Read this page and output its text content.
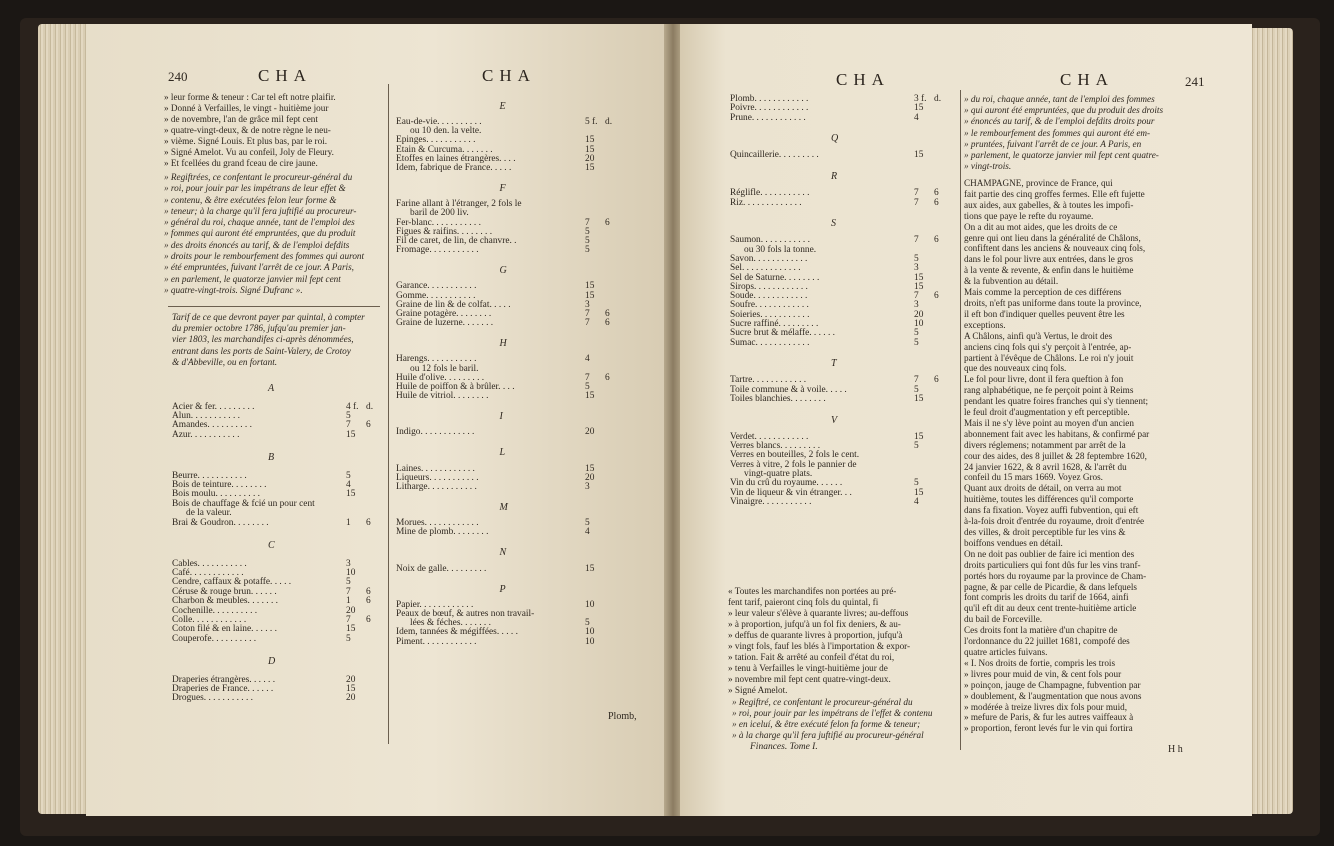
240	CHA	CHA
» leur forme & teneur : Car tel eft notre plaifir.
» Donné à Verfailles, le vingt - huitième jour
» de novembre, l'an de grâce mil fept cent
» quatre-vingt-deux, & de notre règne le neu-
» vième. Signé Louis. Et plus bas, par le roi.
» Signé Amelot. Vu au confeil, Joly de Fleury.
» Et fcellées du grand fceau de cire jaune.
» Regiftrées, ce confentant le procureur-général du
» roi, pour jouir par les impétrans de leur effet &
» contenu, & être exécutées felon leur forme &
» teneur; à la charge qu'il fera juftifié au procureur-
» général du roi, chaque année, tant de l'emploi des
» fommes qui auront été empruntées, que du produit
» des droits énoncés au tarif, & de l'emploi defdits
» droits pour le rembourfement des fommes qui auront
» été empruntées, fuivant l'arrêt de ce jour. A Paris,
» en parlement, le quatorze janvier mil fept cent
» quatre-vingt-trois. Signé Dufranc ».
Tarif de ce que devront payer par quintal, à compter
du premier octobre 1786, jufqu'au premier jan-
vier 1803, les marchandifes ci-après dénommées,
entrant dans les ports de Saint-Valery, de Crotoy
& d'Abbeville, ou en fortant.
A
Acier & fer. . . . . . . . .	4 f. d.
Alun. . . . . . . . . . .	5
Amandes. . . . . . . . . .	7 6
Azur. . . . . . . . . . .	15
B
Beurre. . . . . . . . . . .	5
Bois de teinture. . . . . . . .	4
Bois moulu. . . . . . . . . .	15
Bois de chauffage & fcié un pour cent
de la valeur.
Brai & Goudron. . . . . . . .	1 6
C
Cables. . . . . . . . . . .	3
Café. . . . . . . . . . . .	10
Cendre, caffaux & potaffe. . . . .	5
Céruse & rouge brun. . . . . .	7 6
Charbon & meubles. . . . . . .	1 6
Cochenille. . . . . . . . . .	20
Colle. . . . . . . . . . . .	7 6
Coton filé & en laine. . . . . .	15
Couperofe. . . . . . . . . .	5
D
Draperies étrangères. . . . . .	20
Draperies de France. . . . . .	15
Drogues. . . . . . . . . . .	20
E
Eau-de-vie. . . . . . . . . .	5 f. d.
ou 10 den. la velte.
Epinges. . . . . . . . . . .	15
Etain & Curcuma. . . . . . .	15
Etoffes en laines étrangères. . . .	20
Idem, fabrique de France. . . . .	15
F
Farine allant à l'étranger, 2 fols le
baril de 200 liv.
Fer-blanc. . . . . . . . . . .	7 6
Figues & raifins. . . . . . . .	5
Fil de caret, de lin, de chanvre. .	5
Fromage. . . . . . . . . . .	5
G
Garance. . . . . . . . . . .	15
Gomme. . . . . . . . . . .	15
Graine de lin & de colfat. . . . .	3
Graine potagère. . . . . . . .	7 6
Graine de luzerne. . . . . . .	7 6
H
Harengs. . . . . . . . . . .	4
ou 12 fols le baril.
Huile d'olive. . . . . . . . .	7 6
Huile de poiffon & à brûler. . . .	5
Huile de vitriol. . . . . . . .	15
I
Indigo. . . . . . . . . . . .	20
L
Laines. . . . . . . . . . . .	15
Liqueurs. . . . . . . . . . .	20
Litharge. . . . . . . . . . .	3
M
Morues. . . . . . . . . . . .	5
Mine de plomb. . . . . . . .	4
N
Noix de galle. . . . . . . . .	15
P
Papier. . . . . . . . . . . .	10
Peaux de bœuf, & autres non travail-
lées & féches. . . . . . .	5
Idem, tannées & mégiffées. . . . .	10
Piment. . . . . . . . . . . .	10
Plomb,
CHA	CHA	241
Plomb. . . . . . . . . . . .	3 f. d.
Poivre. . . . . . . . . . . .	15
Prune. . . . . . . . . . . .	4
Q
Quincaillerie. . . . . . . . .	15
R
Réglifle. . . . . . . . . . .	7 6
Riz. . . . . . . . . . . . .	7 6
S
Saumon. . . . . . . . . . .	7 6
ou 30 fols la tonne.
Savon. . . . . . . . . . . .	5
Sel. . . . . . . . . . . . .	3
Sel de Saturne. . . . . . . .	15
Sirops. . . . . . . . . . . .	15
Soude. . . . . . . . . . . .	7 6
Soufre. . . . . . . . . . . .	3
Soieries. . . . . . . . . . .	20
Sucre raffiné. . . . . . . . .	10
Sucre brut & mélaffe. . . . . .	5
Sumac. . . . . . . . . . . .	5
T
Tartre. . . . . . . . . . . .	7 6
Toile commune & à voile. . . . .	5
Toiles blanchies. . . . . . . .	15
V
Verdet. . . . . . . . . . . .	15
Verres blancs. . . . . . . . .	5
Verres en bouteilles, 2 fols le cent.
Verres à vitre, 2 fols le pannier de
vingt-quatre plats.
Vin du crû du royaume. . . . . .	5
Vin de liqueur & vin étranger. . .	15
Vinaigre. . . . . . . . . . .	4
« Toutes les marchandifes non portées au pré-
fent tarif, paieront cinq fols du quintal, fi
» leur valeur s'élève à quarante livres; au-deffous
» à proportion, jufqu'à un fol fix deniers, & au-
» deffus de quarante livres à proportion, jufqu'à
» vingt fols, fauf les blés à l'importation & expor-
» tation. Fait & arrêté au confeil d'état du roi,
» tenu à Verfailles le vingt-huitième jour de
» novembre mil fept cent quatre-vingt-deux.
» Signé Amelot.
» Regiftré, ce confentant le procureur-général du
» roi, pour jouir par les impétrans de l'effet & contenu
» en iceluí, & être exécuté felon fa forme & teneur;
» à la charge qu'il fera juftifié au procureur-général
Finances. Tome I.
» du roi, chaque année, tant de l'emploi des fommes
» qui auront été empruntées, que du produit des droits
» énoncés au tarif, & de l'emploi defdits droits pour
» le rembourfement des fommes qui auront été em-
» pruntées, fuivant l'arrêt de ce jour. A Paris, en
» parlement, le quatorze janvier mil fept cent quatre-
» vingt-trois.
CHAMPAGNE, province de France, qui
fait partie des cinq groffes fermes. Elle eft fujette
aux aides, aux gabelles, & à toutes les impofi-
tions que paye le refte du royaume.
On a dit au mot aides, que les droits de ce
genre qui ont lieu dans la généralité de Châlons,
confiftent dans les anciens & nouveaux cinq fols,
dans le fol pour livre aux entrées, dans le gros
à la vente & revente, & enfin dans le huitième
& la fubvention au détail.
Mais comme la perception de ces différens
droits, n'eft pas uniforme dans toute la province,
il eft bon d'indiquer quelles peuvent être les
exceptions.
A Châlons, ainfi qu'à Vertus, le droit des
anciens cinq fols qui s'y perçoit à l'entrée, ap-
partient à l'évêque de Châlons. Le roi n'y jouit
que des nouveaux cinq fols.
Le fol pour livre, dont il fera queftion à fon
rang alphabétique, ne fe perçoit point à Reims
pendant les quatre foires franches qui s'y tiennent;
le feul droit d'augmentation y eft perceptible.
Mais il ne s'y lève point au moyen d'un ancien
abonnement fait avec les habitans, & confirmé par
divers réglemens; notamment par arrêt de la
cour des aides, des 8 juillet & 28 feptembre 1620,
24 janvier 1622, & 8 avril 1628, & l'arrêt du
confeil du 15 mars 1669. Voyez Gros.
Quant aux droits de détail, on verra au mot
huitième, toutes les différences qu'il comporte
dans fa fixation. Voyez auffi fubvention, qui eft
à-la-fois droit d'entrée du royaume, droit d'entrée
des villes, & droit perceptible fur les vins &
boiffons vendues en détail.
On ne doit pas oublier de faire ici mention des
droits particuliers qui font dûs fur les vins tranf-
portés hors du royaume par la province de Cham-
pagne, & par celle de Picardie, & dans lefquels
font compris les droits du tarif de 1664, ainfi
qu'il eft dit au deux cent trente-huitième article
du bail de Forceville.
Ces droits font la matière d'un chapitre de
l'ordonnance du 22 juillet 1681, compofé des
quatre articles fuivans.
« I. Nos droits de fortie, compris les trois
» livres pour muid de vin, & cent fols pour
» poinçon, jauge de Champagne, fubvention par
» doublement, & l'augmentation que nous avons
» modérée à treize livres dix fols pour muid,
» mefure de Paris, & fur les autres vaiffeaux à
» proportion, feront levés fur le vin qui fortira
H h
